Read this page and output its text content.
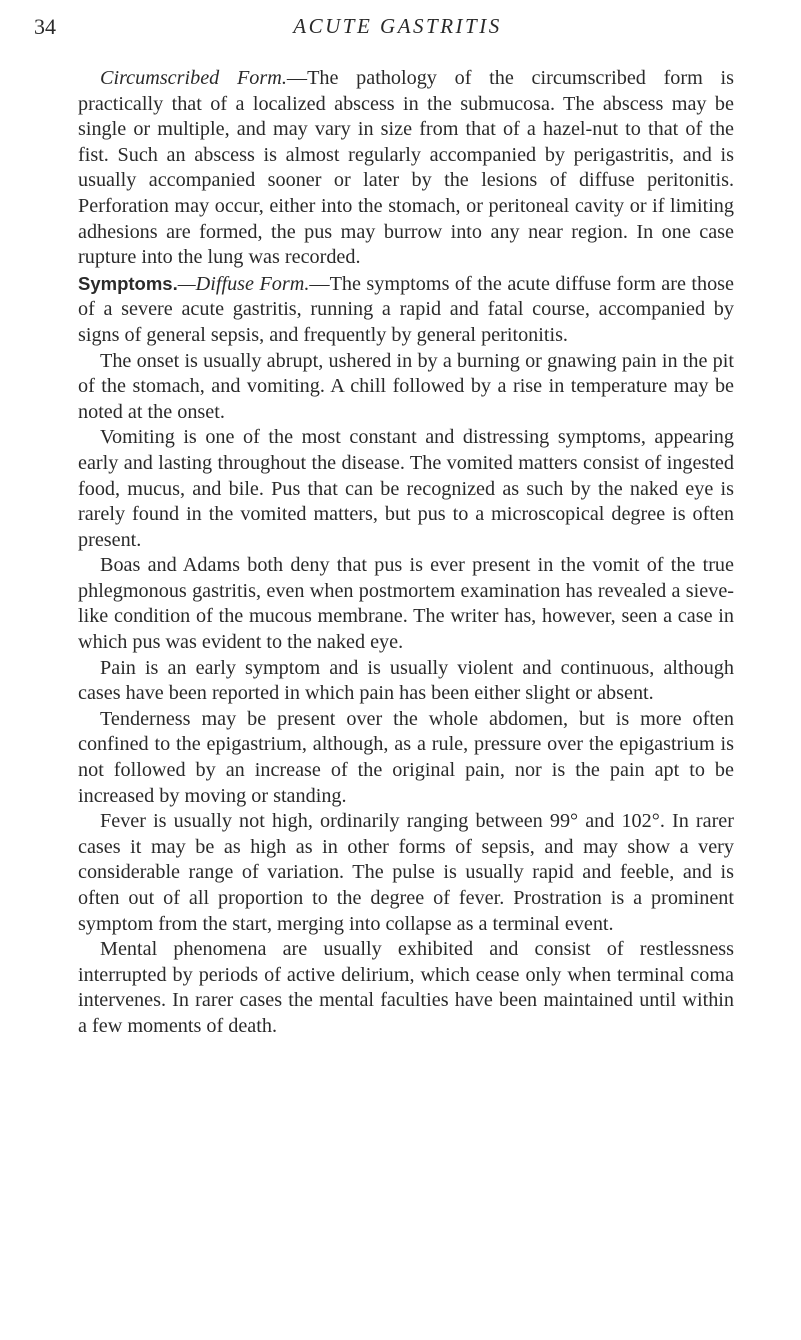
34	ACUTE GASTRITIS

Circumscribed Form.—The pathology of the circumscribed form is practically that of a localized abscess in the submucosa. The abscess may be single or multiple, and may vary in size from that of a hazel-nut to that of the fist. Such an abscess is almost regularly accompanied by perigastritis, and is usually accompanied sooner or later by the lesions of diffuse peritonitis. Perforation may occur, either into the stomach, or peritoneal cavity or if limiting adhesions are formed, the pus may burrow into any near region. In one case rupture into the lung was recorded.

Symptoms.—Diffuse Form.—The symptoms of the acute diffuse form are those of a severe acute gastritis, running a rapid and fatal course, accompanied by signs of general sepsis, and frequently by general peritonitis.

The onset is usually abrupt, ushered in by a burning or gnawing pain in the pit of the stomach, and vomiting. A chill followed by a rise in temperature may be noted at the onset.

Vomiting is one of the most constant and distressing symptoms, appearing early and lasting throughout the disease. The vomited matters consist of ingested food, mucus, and bile. Pus that can be recognized as such by the naked eye is rarely found in the vomited matters, but pus to a microscopical degree is often present.

Boas and Adams both deny that pus is ever present in the vomit of the true phlegmonous gastritis, even when postmortem examination has revealed a sieve-like condition of the mucous membrane. The writer has, however, seen a case in which pus was evident to the naked eye.

Pain is an early symptom and is usually violent and continuous, although cases have been reported in which pain has been either slight or absent.

Tenderness may be present over the whole abdomen, but is more often confined to the epigastrium, although, as a rule, pressure over the epigastrium is not followed by an increase of the original pain, nor is the pain apt to be increased by moving or standing.

Fever is usually not high, ordinarily ranging between 99° and 102°. In rarer cases it may be as high as in other forms of sepsis, and may show a very considerable range of variation. The pulse is usually rapid and feeble, and is often out of all proportion to the degree of fever. Prostration is a prominent symptom from the start, merging into collapse as a terminal event.

Mental phenomena are usually exhibited and consist of restlessness interrupted by periods of active delirium, which cease only when terminal coma intervenes. In rarer cases the mental faculties have been maintained until within a few moments of death.
